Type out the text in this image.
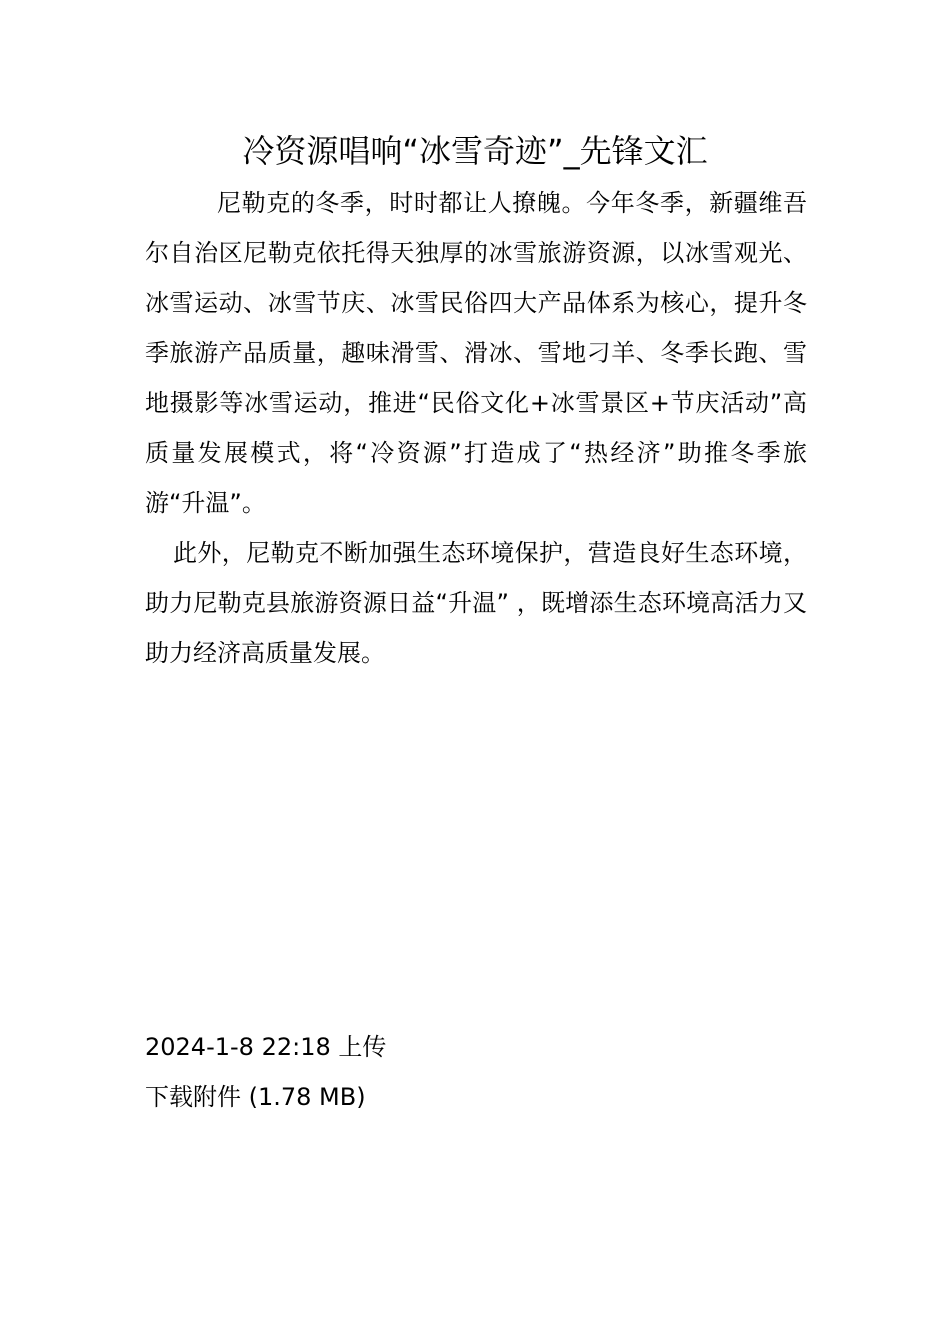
冷资源唱响“冰雪奇迹”_先锋文汇

尼勒克的冬季，时时都让人撩魄。今年冬季，新疆维吾尔自治区尼勒克依托得天独厚的冰雪旅游资源，以冰雪观光、冰雪运动、冰雪节庆、冰雪民俗四大产品体系为核心，提升冬季旅游产品质量，趣味滑雪、滑冰、雪地刁羊、冬季长跑、雪地摄影等冰雪运动，推进“民俗文化+冰雪景区+节庆活动”高质量发展模式，将“冷资源”打造成了“热经济”助推冬季旅游“升温”。

此外，尼勒克不断加强生态环境保护，营造良好生态环境，助力尼勒克县旅游资源日益“升温” ，既增添生态环境高活力又助力经济高质量发展。

2024-1-8 22:18 上传

下载附件 (1.78 MB)
